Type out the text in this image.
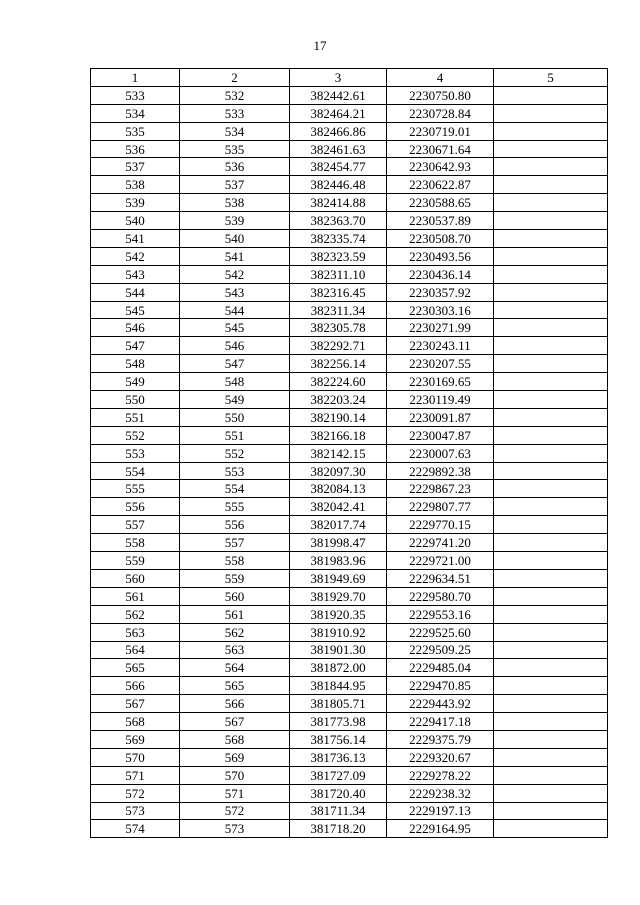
17
1	2	3	4	5
533	532	382442.61	2230750.80	
534	533	382464.21	2230728.84	
535	534	382466.86	2230719.01	
536	535	382461.63	2230671.64	
537	536	382454.77	2230642.93	
538	537	382446.48	2230622.87	
539	538	382414.88	2230588.65	
540	539	382363.70	2230537.89	
541	540	382335.74	2230508.70	
542	541	382323.59	2230493.56	
543	542	382311.10	2230436.14	
544	543	382316.45	2230357.92	
545	544	382311.34	2230303.16	
546	545	382305.78	2230271.99	
547	546	382292.71	2230243.11	
548	547	382256.14	2230207.55	
549	548	382224.60	2230169.65	
550	549	382203.24	2230119.49	
551	550	382190.14	2230091.87	
552	551	382166.18	2230047.87	
553	552	382142.15	2230007.63	
554	553	382097.30	2229892.38	
555	554	382084.13	2229867.23	
556	555	382042.41	2229807.77	
557	556	382017.74	2229770.15	
558	557	381998.47	2229741.20	
559	558	381983.96	2229721.00	
560	559	381949.69	2229634.51	
561	560	381929.70	2229580.70	
562	561	381920.35	2229553.16	
563	562	381910.92	2229525.60	
564	563	381901.30	2229509.25	
565	564	381872.00	2229485.04	
566	565	381844.95	2229470.85	
567	566	381805.71	2229443.92	
568	567	381773.98	2229417.18	
569	568	381756.14	2229375.79	
570	569	381736.13	2229320.67	
571	570	381727.09	2229278.22	
572	571	381720.40	2229238.32	
573	572	381711.34	2229197.13	
574	573	381718.20	2229164.95	
